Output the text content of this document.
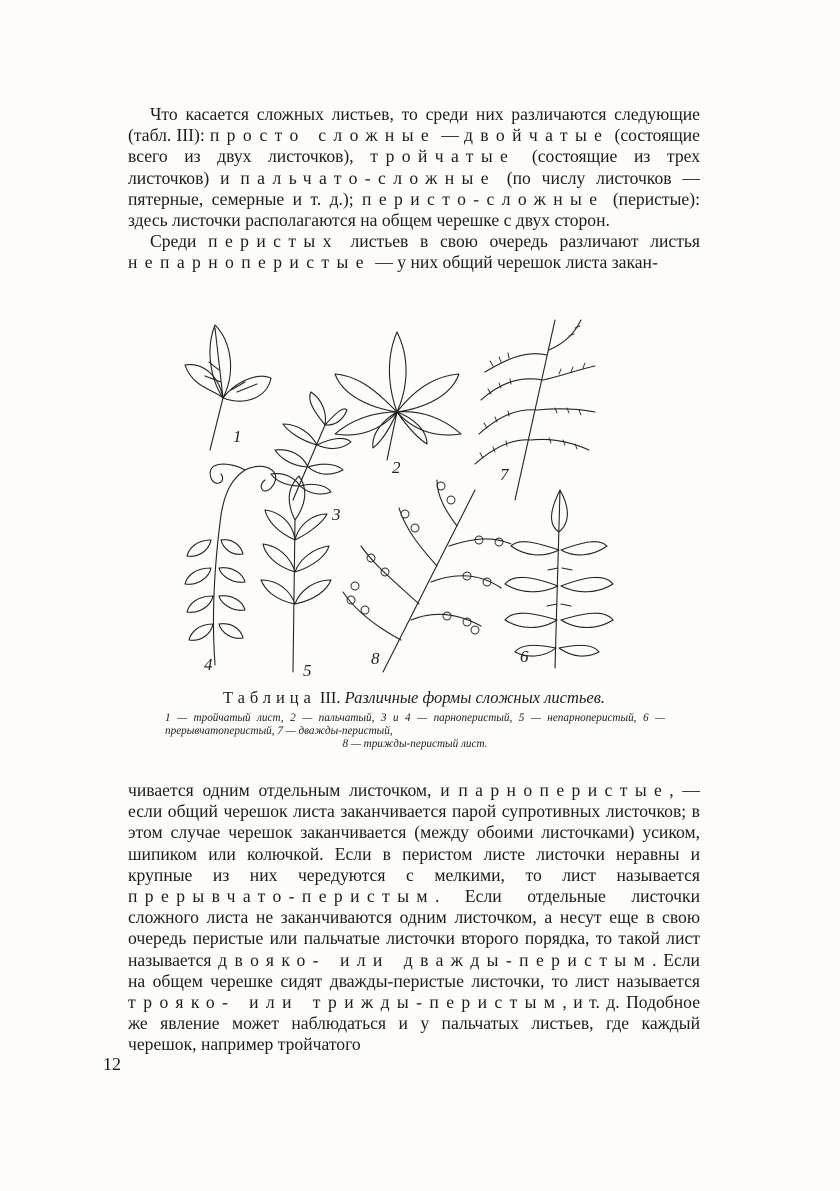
Что касается сложных листьев, то среди них различаются следующие (табл. III): просто сложные — двойчатые (состоящие всего из двух листочков), тройчатые (состоящие из трех листочков) и пальчато-сложные (по числу листочков — пятерные, семерные и т. д.); перисто-сложные (перистые): здесь листочки располагаются на общем черешке с двух сторон.

Среди перистых листьев в свою очередь различают листья непарноперистые — у них общий черешок листа закан-

1
2
3
7
4	5
8	6
Таблица III. Различные формы сложных листьев.
1 — тройчатый лист, 2 — пальчатый, 3 и 4 — парноперистый, 5 — непарноперистый, 6 — прерывчатоперистый, 7 — дважды-перистый,
8 — трижды-перистый лист.

чивается одним отдельным листочком, и парноперистые, — если общий черешок листа заканчивается парой супротивных листочков; в этом случае черешок заканчивается (между обоими листочками) усиком, шипиком или колючкой. Если в перистом листе листочки неравны и крупные из них чередуются с мелкими, то лист называется прерывчато-перистым. Если отдельные листочки сложного листа не заканчиваются одним листочком, а несут еще в свою очередь перистые или пальчатые листочки второго порядка, то такой лист называется двояко- или дважды-перистым. Если на общем черешке сидят дважды-перистые листочки, то лист называется трояко- или трижды-перистым, и т. д. Подобное же явление может наблюдаться и у пальчатых листьев, где каждый черешок, например тройчатого

12
